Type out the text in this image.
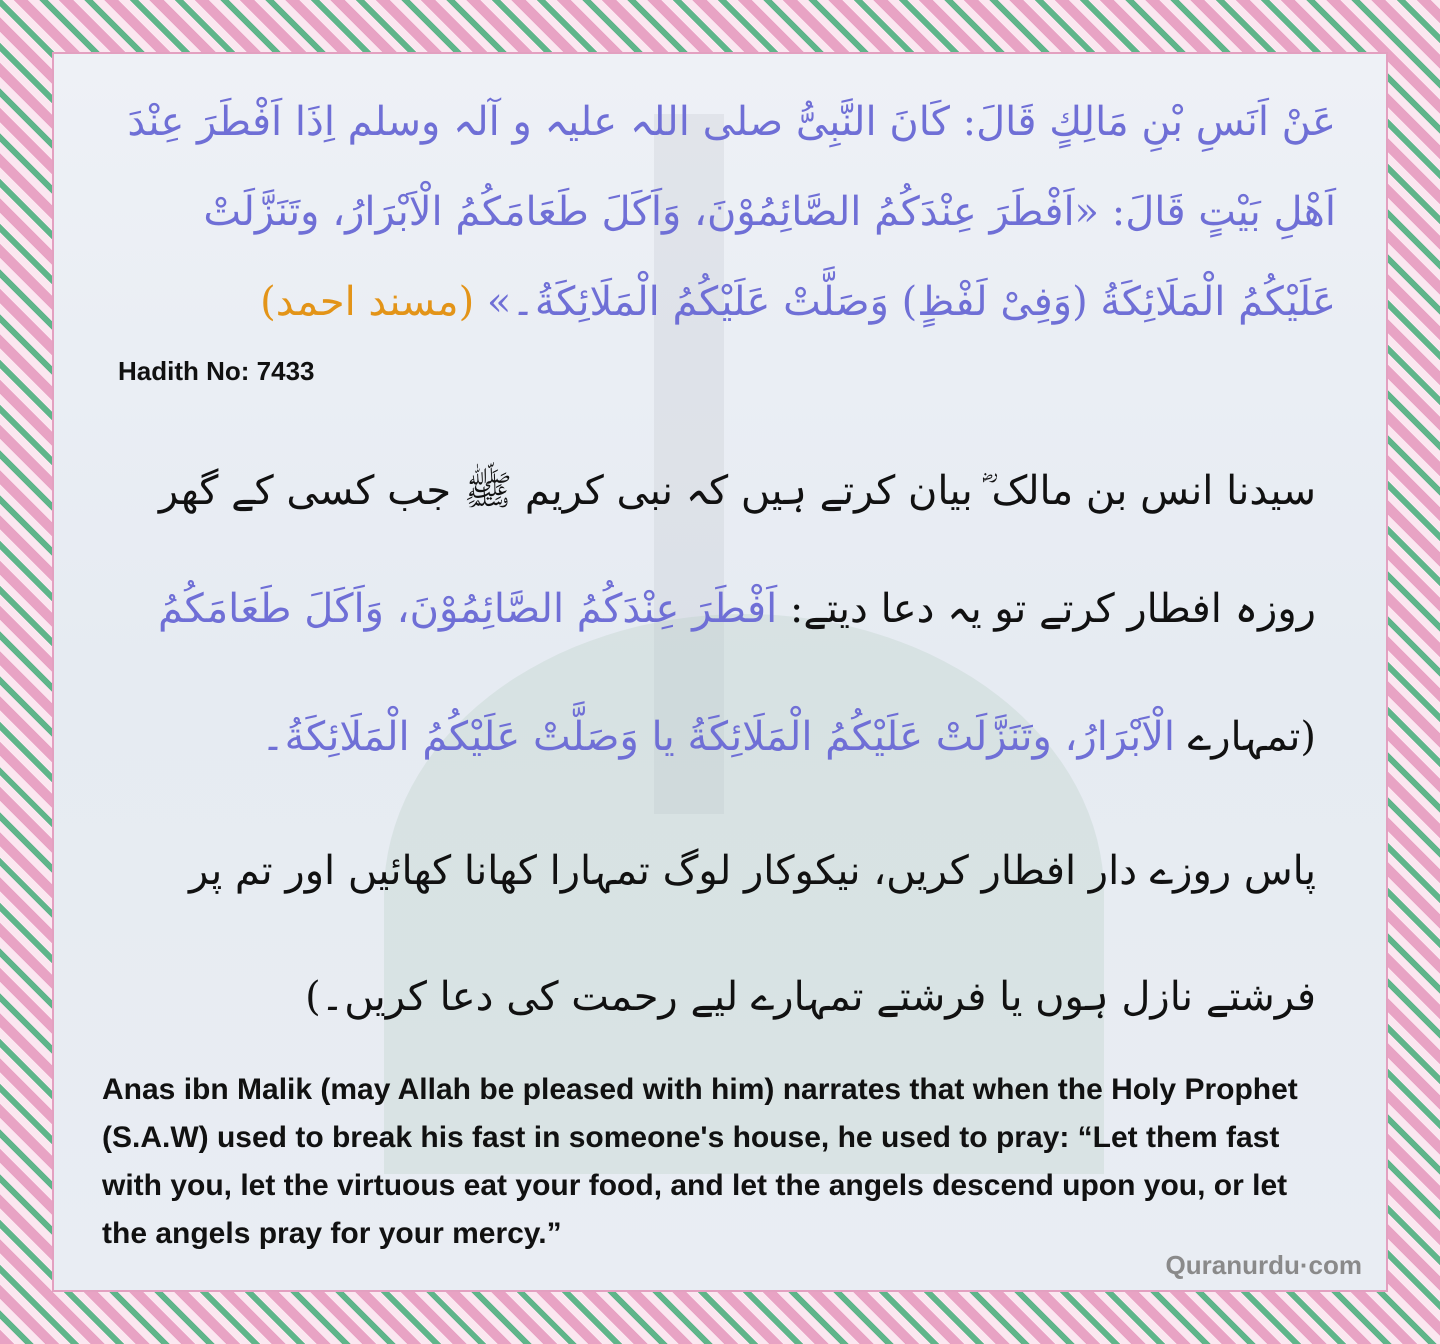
عَنْ اَنَسِ بْنِ مَالِكٍ قَالَ: كَانَ النَّبِیُّ صلی اللہ علیہ و آلہ وسلم اِذَا اَفْطَرَ عِنْدَ
اَهْلِ بَیْتٍ قَالَ: «اَفْطَرَ عِنْدَكُمُ الصَّائِمُوْنَ، وَاَكَلَ طَعَامَكُمُ الْاَبْرَارُ، وتَنَزَّلَتْ
عَلَیْكُمُ الْمَلَائِكَةُ (وَفِیْ لَفْظٍ) وَصَلَّتْ عَلَیْكُمُ الْمَلَائِكَةُ۔» (مسند احمد)
Hadith No: 7433
سیدنا انس بن مالک ؓ بیان کرتے ہیں کہ نبی کریم ﷺ جب کسی کے گھر
روزہ افطار کرتے تو یہ دعا دیتے: اَفْطَرَ عِنْدَكُمُ الصَّائِمُوْنَ، وَاَكَلَ طَعَامَكُمُ
(تمہارے الْاَبْرَارُ، وتَنَزَّلَتْ عَلَیْكُمُ الْمَلَائِكَةُ یا وَصَلَّتْ عَلَیْكُمُ الْمَلَائِكَةُ۔
پاس روزے دار افطار کریں، نیکوکار لوگ تمہارا کھانا کھائیں اور تم پر
فرشتے نازل ہوں یا فرشتے تمہارے لیے رحمت کی دعا کریں۔)
Anas ibn Malik (may Allah be pleased with him) narrates that when the Holy Prophet (S.A.W) used to break his fast in someone's house, he used to pray: “Let them fast with you, let the virtuous eat your food, and let the angels descend upon you, or let the angels pray for your mercy.”
Quranurdu·com
